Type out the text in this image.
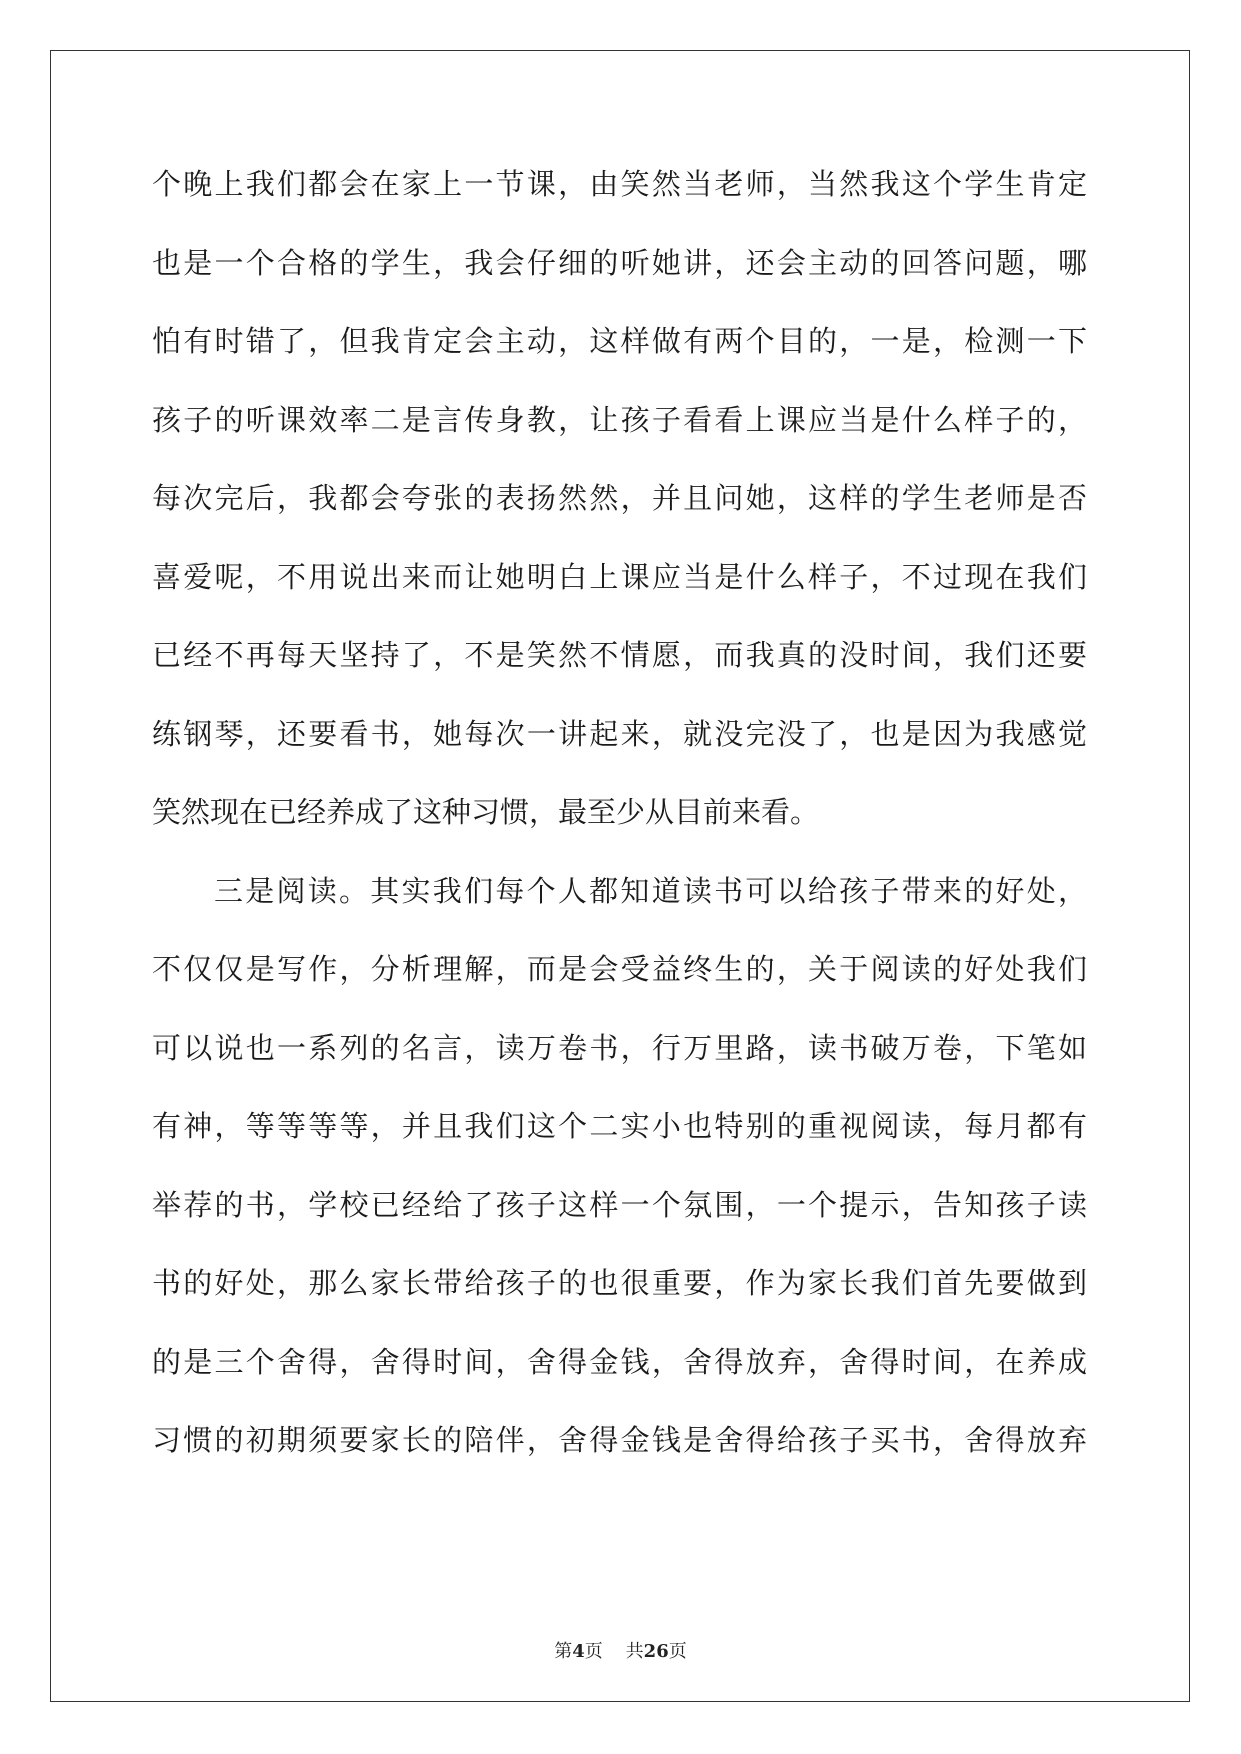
个晚上我们都会在家上一节课，由笑然当老师，当然我这个学生肯定
也是一个合格的学生，我会仔细的听她讲，还会主动的回答问题，哪
怕有时错了，但我肯定会主动，这样做有两个目的，一是，检测一下
孩子的听课效率二是言传身教，让孩子看看上课应当是什么样子的，
每次完后，我都会夸张的表扬然然，并且问她，这样的学生老师是否
喜爱呢，不用说出来而让她明白上课应当是什么样子，不过现在我们
已经不再每天坚持了，不是笑然不情愿，而我真的没时间，我们还要
练钢琴，还要看书，她每次一讲起来，就没完没了，也是因为我感觉
笑然现在已经养成了这种习惯，最至少从目前来看。
三是阅读。其实我们每个人都知道读书可以给孩子带来的好处，
不仅仅是写作，分析理解，而是会受益终生的，关于阅读的好处我们
可以说也一系列的名言，读万卷书，行万里路，读书破万卷，下笔如
有神，等等等等，并且我们这个二实小也特别的重视阅读，每月都有
举荐的书，学校已经给了孩子这样一个氛围，一个提示，告知孩子读
书的好处，那么家长带给孩子的也很重要，作为家长我们首先要做到
的是三个舍得，舍得时间，舍得金钱，舍得放弃，舍得时间，在养成
习惯的初期须要家长的陪伴，舍得金钱是舍得给孩子买书，舍得放弃
第4页 共26页
